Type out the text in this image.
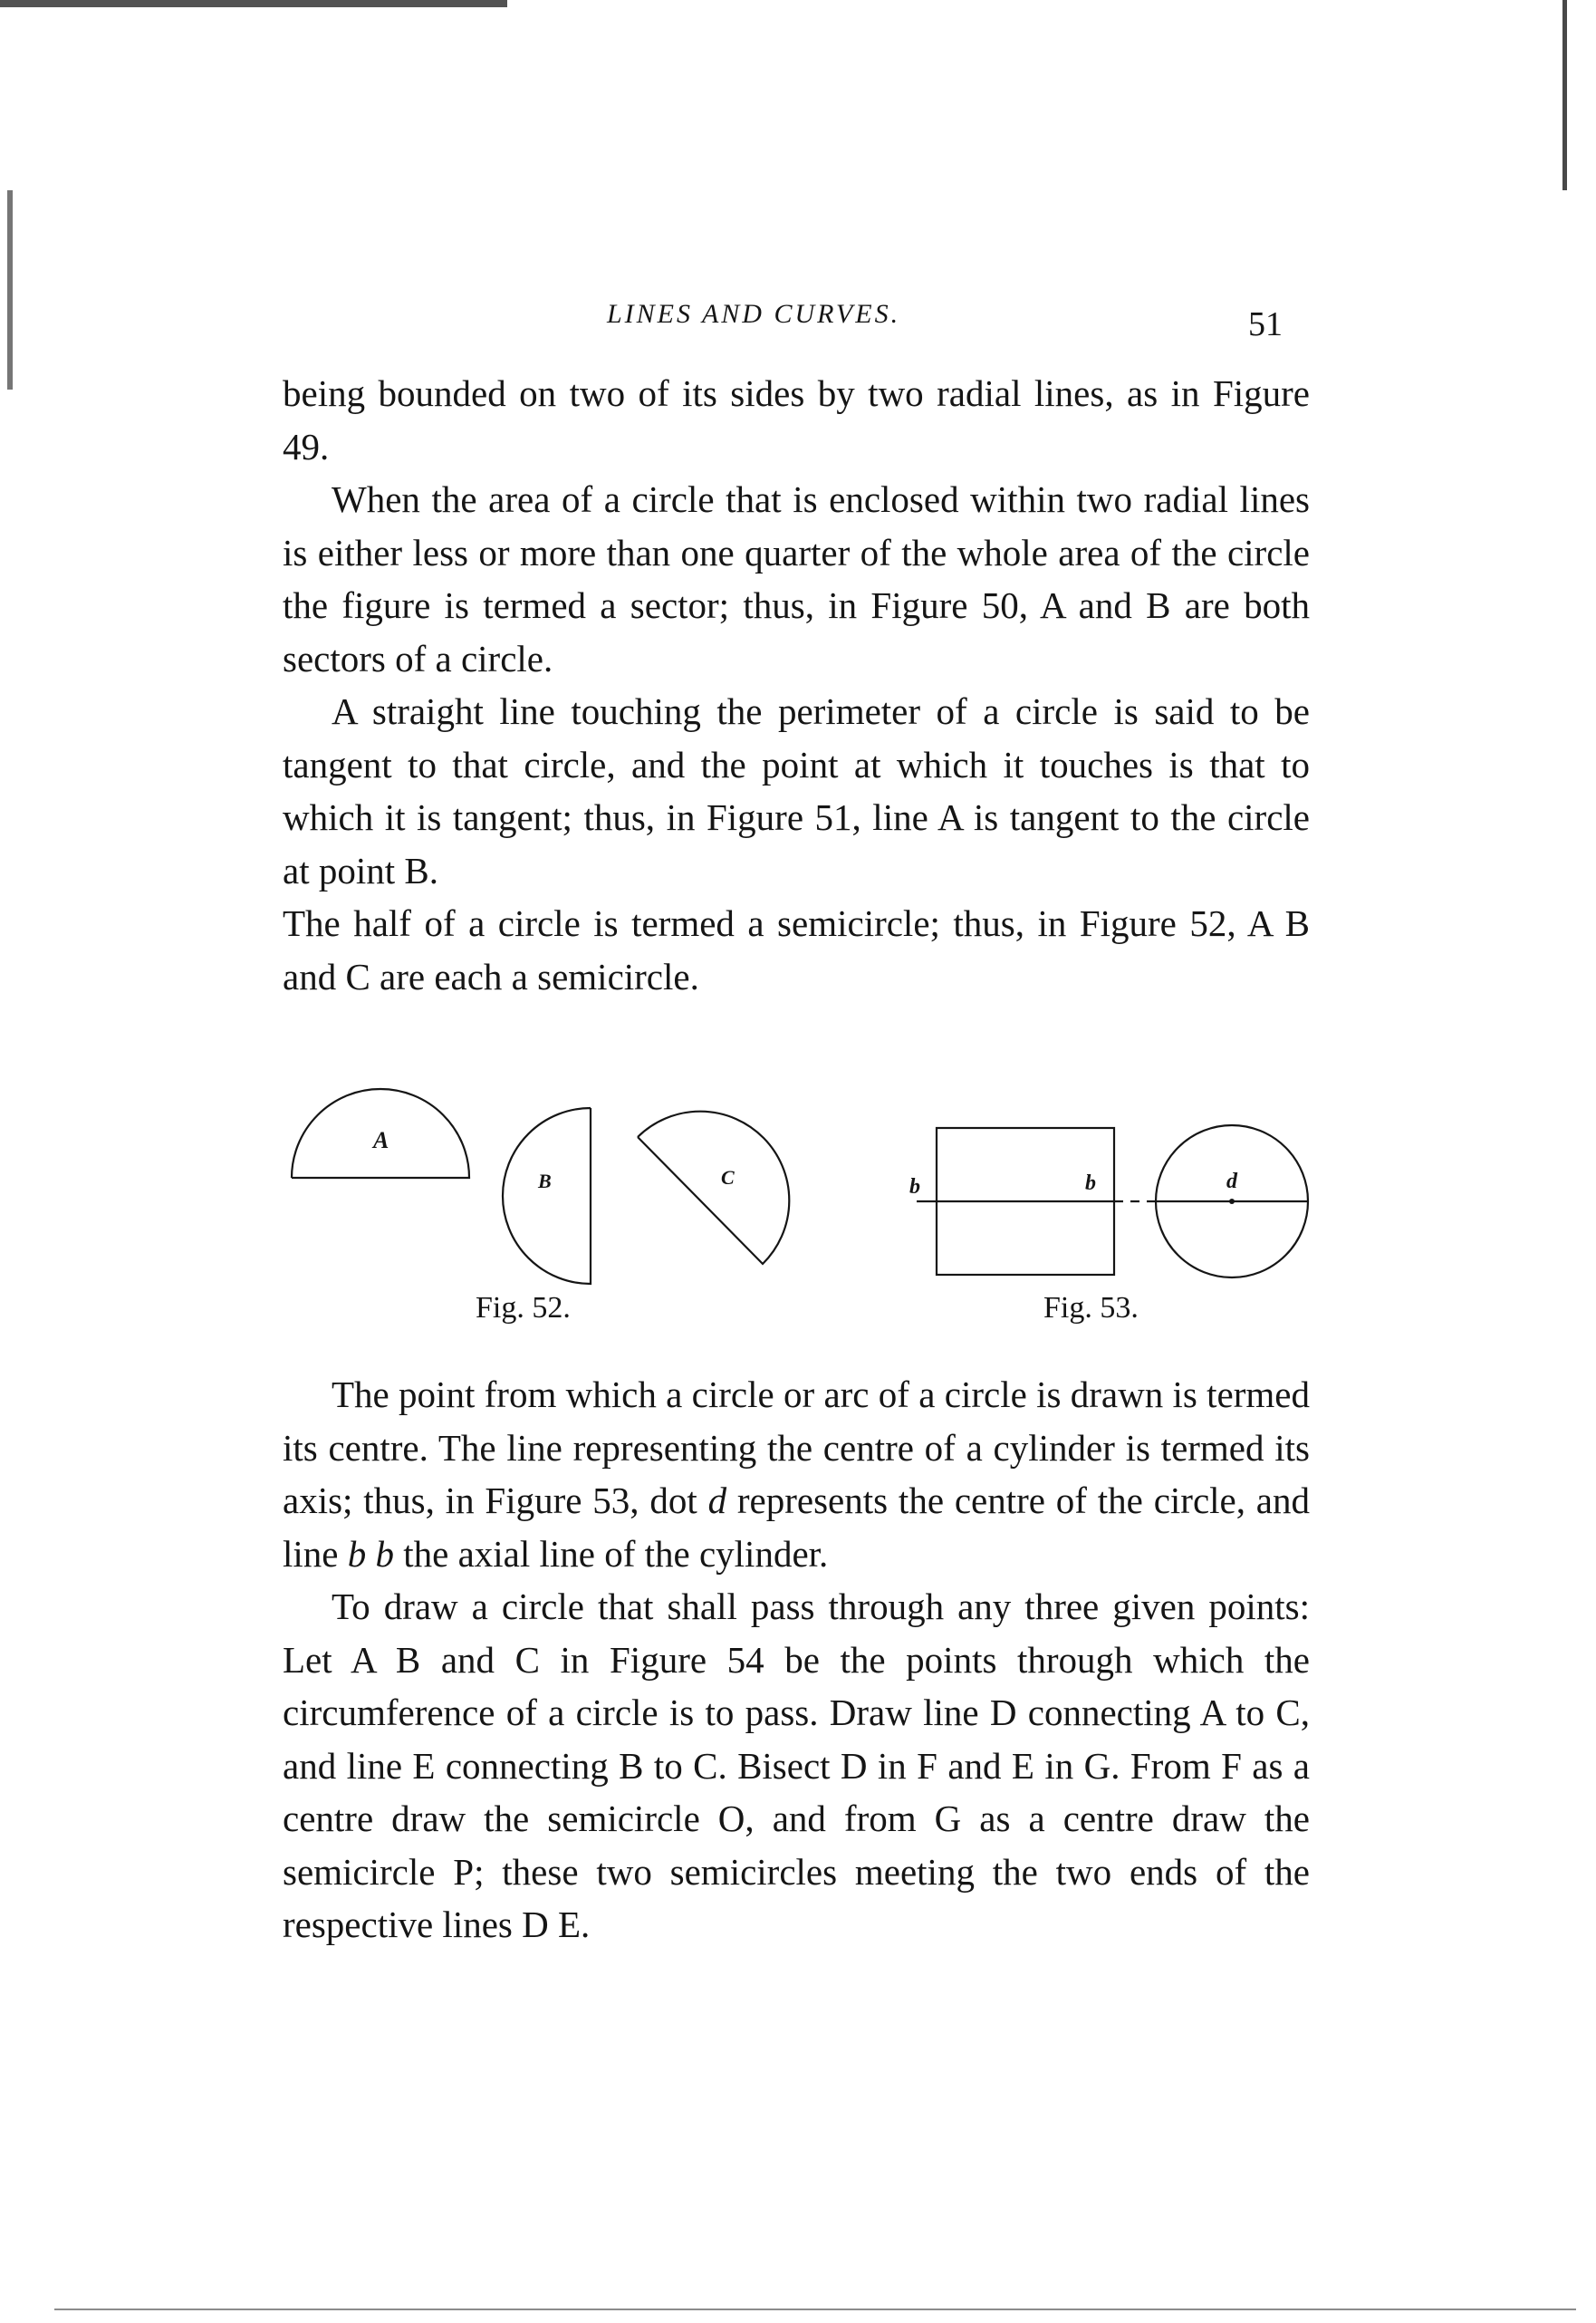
LINES AND CURVES.	51

being bounded on two of its sides by two radial lines, as in Figure 49.

When the area of a circle that is enclosed within two radial lines is either less or more than one quarter of the whole area of the circle the figure is termed a sector; thus, in Figure 50, A and B are both sectors of a circle.

A straight line touching the perimeter of a circle is said to be tangent to that circle, and the point at which it touches is that to which it is tangent; thus, in Figure 51, line A is tangent to the circle at point B.

The half of a circle is termed a semicircle; thus, in Figure 52, A B and C are each a semicircle.

A
B	C	b	b	d
Fig. 52.	Fig. 53.

The point from which a circle or arc of a circle is drawn is termed its centre. The line representing the centre of a cylinder is termed its axis; thus, in Figure 53, dot d represents the centre of the circle, and line b b the axial line of the cylinder.

To draw a circle that shall pass through any three given points: Let A B and C in Figure 54 be the points through which the circumference of a circle is to pass. Draw line D connecting A to C, and line E connecting B to C. Bisect D in F and E in G. From F as a centre draw the semicircle O, and from G as a centre draw the semicircle P; these two semicircles meeting the two ends of the respective lines D E.
